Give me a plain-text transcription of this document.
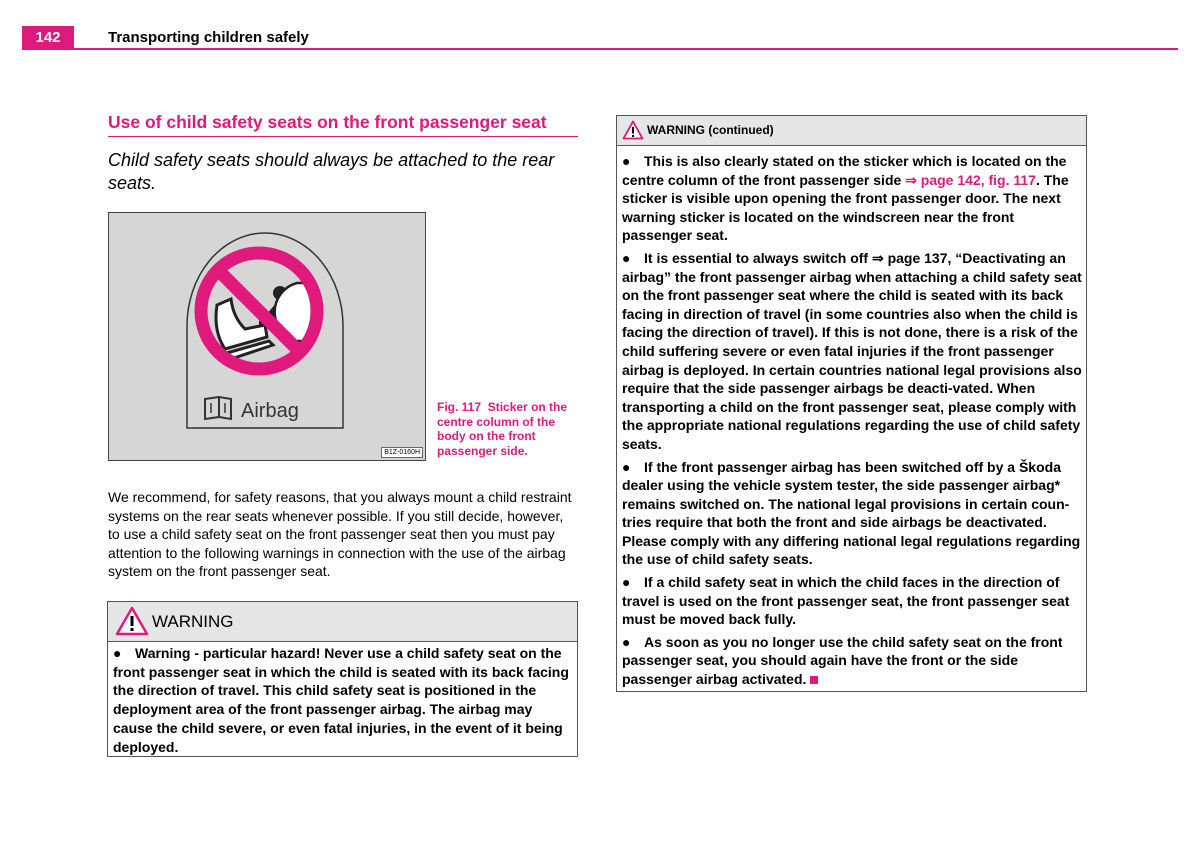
142	Transporting children safely
Use of child safety seats on the front passenger seat
Child safety seats should always be attached to the rear seats.
Airbag
B1Z-0160H
Fig. 117 Sticker on the centre column of the body on the front passenger side.
We recommend, for safety reasons, that you always mount a child restraint systems on the rear seats whenever possible. If you still decide, however, to use a child safety seat on the front passenger seat then you must pay attention to the following warnings in connection with the use of the airbag system on the front passenger seat.
WARNING
● Warning - particular hazard! Never use a child safety seat on the front passenger seat in which the child is seated with its back facing the direction of travel. This child safety seat is positioned in the deployment area of the front passenger airbag. The airbag may cause the child severe, or even fatal injuries, in the event of it being deployed.
WARNING (continued)

● This is also clearly stated on the sticker which is located on the centre column of the front passenger side ⇒ page 142, fig. 117. The sticker is visible upon opening the front passenger door. The next warning sticker is located on the windscreen near the front passenger seat.

● It is essential to always switch off ⇒ page 137, “Deactivating an airbag” the front passenger airbag when attaching a child safety seat on the front passenger seat where the child is seated with its back facing in direction of travel (in some countries also when the child is facing the direction of travel). If this is not done, there is a risk of the child suffering severe or even fatal injuries if the front passenger airbag is deployed. In certain countries national legal provisions also require that the side passenger airbags be deacti-vated. When transporting a child on the front passenger seat, please comply with the appropriate national regulations regarding the use of child safety seats.

● If the front passenger airbag has been switched off by a Škoda dealer using the vehicle system tester, the side passenger airbag* remains switched on. The national legal provisions in certain coun-tries require that both the front and side airbags be deactivated. Please comply with any differing national legal regulations regarding the use of child safety seats.

● If a child safety seat in which the child faces in the direction of travel is used on the front passenger seat, the front passenger seat must be moved back fully.

● As soon as you no longer use the child safety seat on the front passenger seat, you should again have the front or the side passenger airbag activated.
